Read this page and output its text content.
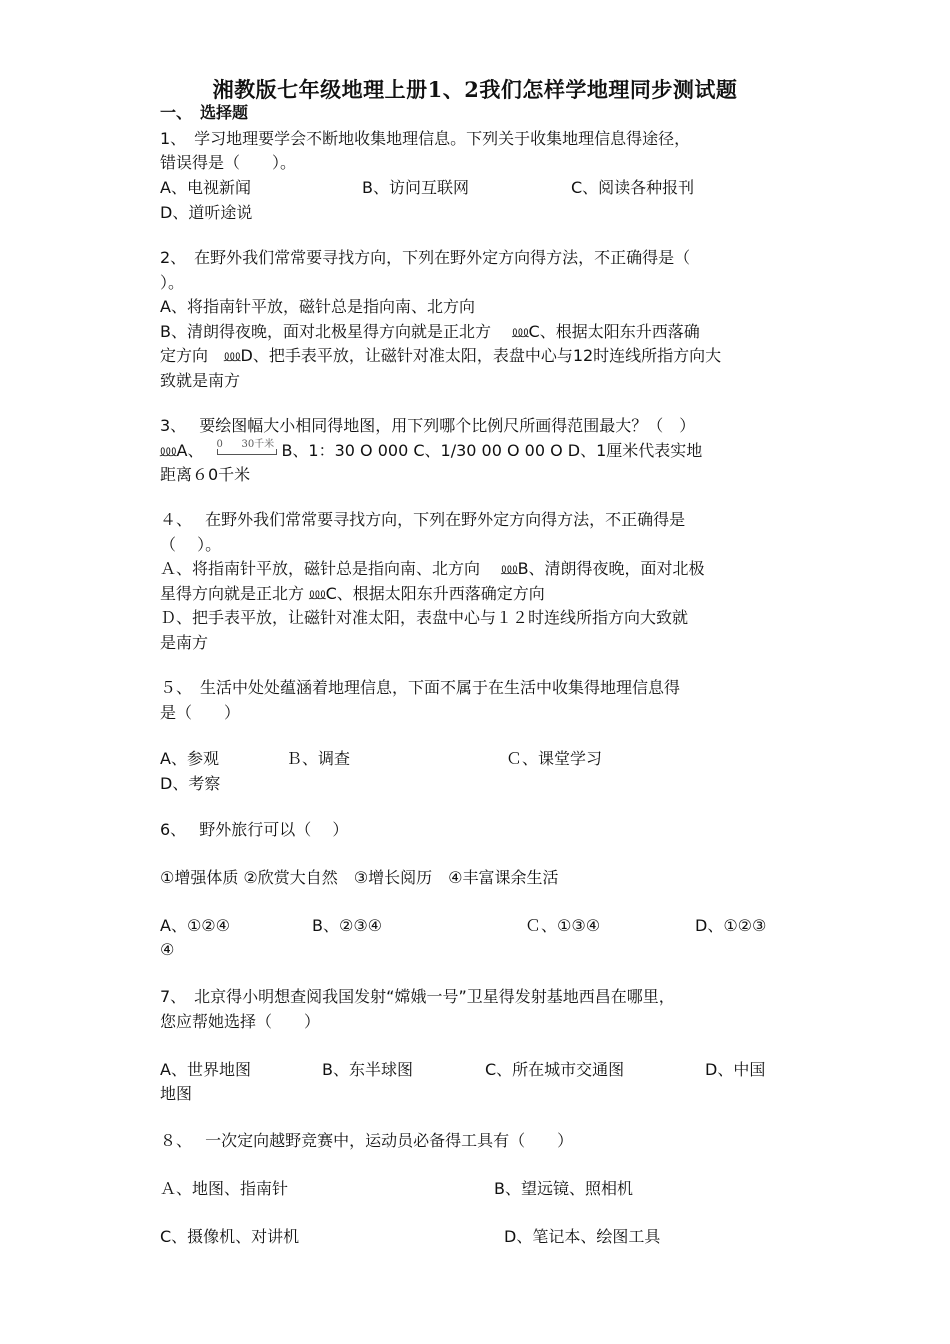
湘教版七年级地理上册1、2我们怎样学地理同步测试题
一、　选择题
1、　学习地理要学会不断地收集地理信息。下列关于收集地理信息得途径，
错误得是（　　）。
A、电视新闻	B、访问互联网	C、阅读各种报刊
D、道听途说
2、　在野外我们常常要寻找方向，下列在野外定方向得方法，不正确得是（
）。
A、将指南针平放，磁针总是指向南、北方向
B、清朗得夜晚，面对北极星得方向就是正北方　 ⅏C、根据太阳东升西落确
定方向　⅏D、把手表平放，让磁针对准太阳，表盘中心与12时连线所指方向大
致就是南方
3、　 要绘图幅大小相同得地图，用下列哪个比例尺所画得范围最大？（　）
⅏A、 0 30千米 B、1：30 O 000 C、1/30 00 O 00 O D、1厘米代表实地
距离６0千米
４、　 在野外我们常常要寻找方向，下列在野外定方向得方法，不正确得是
（　 ）。
Ａ、将指南针平放，磁针总是指向南、北方向　 ⅏B、清朗得夜晚，面对北极
星得方向就是正北方 ⅏C、根据太阳东升西落确定方向
Ｄ、把手表平放，让磁针对准太阳，表盘中心与１２时连线所指方向大致就
是南方
５、　生活中处处蕴涵着地理信息，下面不属于在生活中收集得地理信息得
是（　　）
A、参观	Ｂ、调查	Ｃ、课堂学习
D、考察
6、　 野外旅行可以（　 ）
①增强体质 ②欣赏大自然　③增长阅历　④丰富课余生活
A、①②④	B、②③④	Ｃ、①③④	D、①②③
④
7、　北京得小明想查阅我国发射“嫦娥一号”卫星得发射基地西昌在哪里，
您应帮她选择（　　）
A、世界地图	B、东半球图	C、所在城市交通图	D、中国
地图
８、　 一次定向越野竞赛中，运动员必备得工具有（　　）
Ａ、地图、指南针	B、望远镜、照相机
C、摄像机、对讲机	D、笔记本、绘图工具
